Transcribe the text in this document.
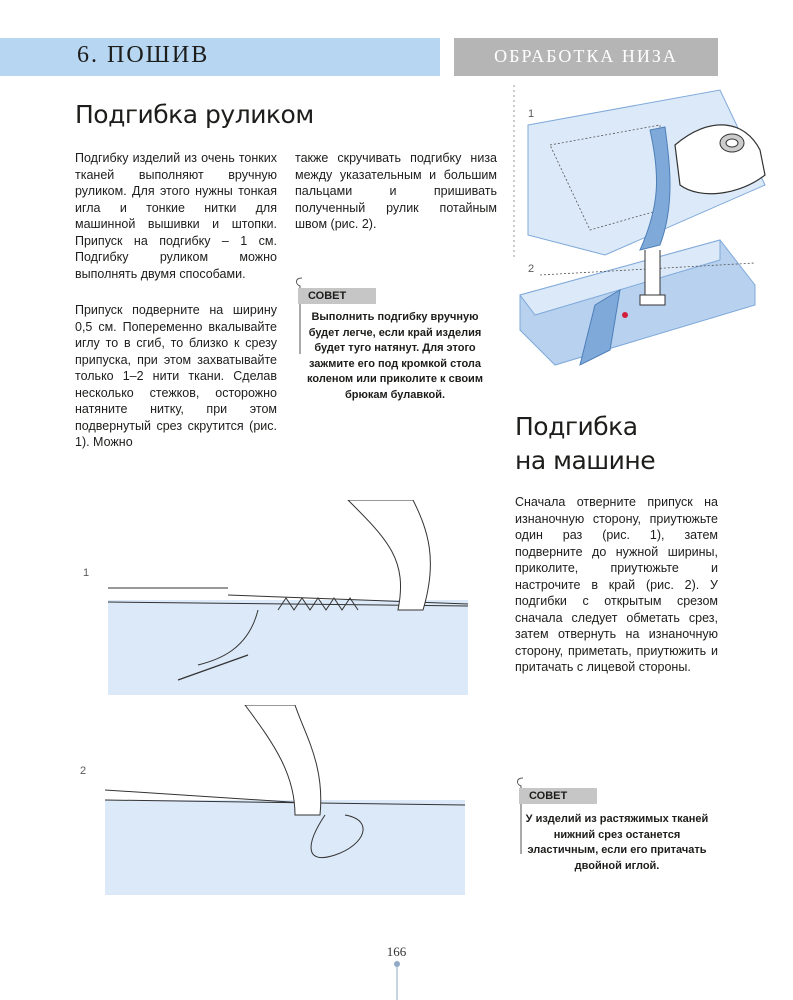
6. ПОШИВ	ОБРАБОТКА НИЗА
Подгибка руликом

Подгибку изделий из очень тонких тканей выполняют вручную руликом. Для этого нужны тонкая игла и тонкие нитки для машинной вышивки и штопки. Припуск на подгибку – 1 см. Подгибку руликом можно выполнять двумя способами.

Припуск подверните на ширину 0,5 см. Попеременно вкалывайте иглу то в сгиб, то близко к срезу припуска, при этом захватывайте только 1–2 нити ткани. Сделав несколько стежков, осторожно натяните нитку, при этом подвернутый срез скрутится (рис. 1). Можно

также скручивать подгибку низа между указательным и большим пальцами и пришивать полученный рулик потайным швом (рис. 2).

СОВЕТ
Выполнить подгибку вручную будет легче, если край изделия будет туго натянут. Для этого зажмите его под кромкой стола коленом или приколите к своим брюкам булавкой.
Подгибка
на машине

Сначала отверните припуск на изнаночную сторону, приутюжьте один раз (рис. 1), затем подверните до нужной ширины, приколите, приутюжьте и настрочите в край (рис. 2). У подгибки с открытым срезом сначала следует обметать срез, затем отвернуть на изнаночную сторону, приметать, приутюжить и притачать с лицевой стороны.

СОВЕТ
У изделий из растяжимых тканей нижний срез останется эластичным, если его притачать двойной иглой.
1
2
1
2
166
